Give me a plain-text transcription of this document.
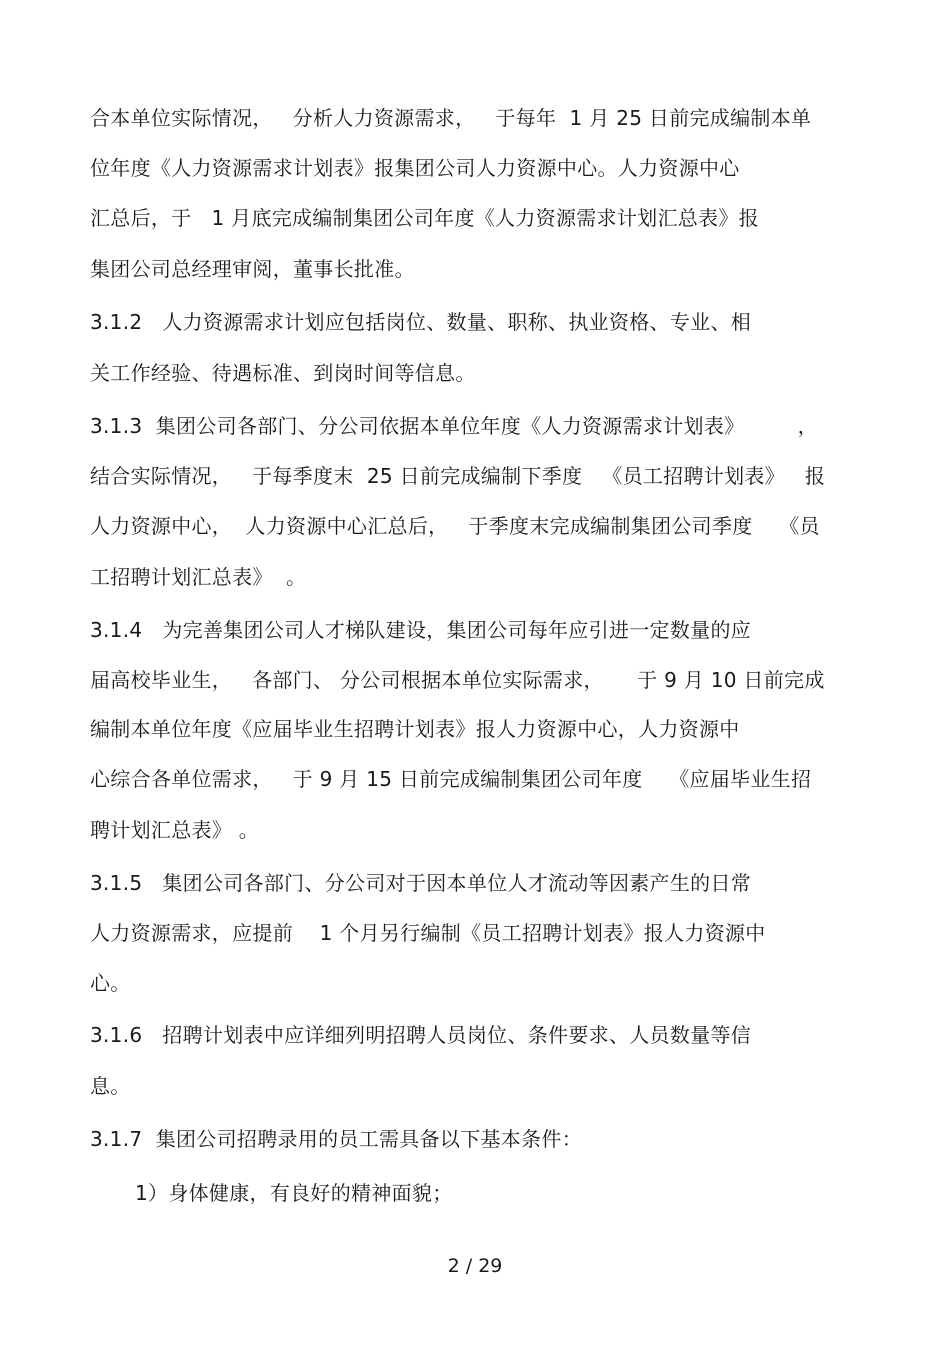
合本单位实际情况，   分析人力资源需求，   于每年  1 月 25 日前完成编制本单
位年度《人力资源需求计划表》报集团公司人力资源中心。人力资源中心
汇总后，于   1 月底完成编制集团公司年度《人力资源需求计划汇总表》报
集团公司总经理审阅，董事长批准。
3.1.2   人力资源需求计划应包括岗位、数量、职称、执业资格、专业、相
关工作经验、待遇标准、到岗时间等信息。
3.1.3  集团公司各部门、分公司依据本单位年度《人力资源需求计划表》        ，
结合实际情况，   于每季度末  25 日前完成编制下季度   《员工招聘计划表》   报
人力资源中心，  人力资源中心汇总后，   于季度末完成编制集团公司季度    《员
工招聘计划汇总表》  。
3.1.4   为完善集团公司人才梯队建设，集团公司每年应引进一定数量的应
届高校毕业生，   各部门、 分公司根据本单位实际需求，     于 9 月 10 日前完成
编制本单位年度《应届毕业生招聘计划表》报人力资源中心，人力资源中
心综合各单位需求，   于 9 月 15 日前完成编制集团公司年度    《应届毕业生招
聘计划汇总表》 。
3.1.5   集团公司各部门、分公司对于因本单位人才流动等因素产生的日常
人力资源需求，应提前    1 个月另行编制《员工招聘计划表》报人力资源中
心。
3.1.6   招聘计划表中应详细列明招聘人员岗位、条件要求、人员数量等信
息。
3.1.7  集团公司招聘录用的员工需具备以下基本条件：
1）身体健康，有良好的精神面貌；
2 / 29
